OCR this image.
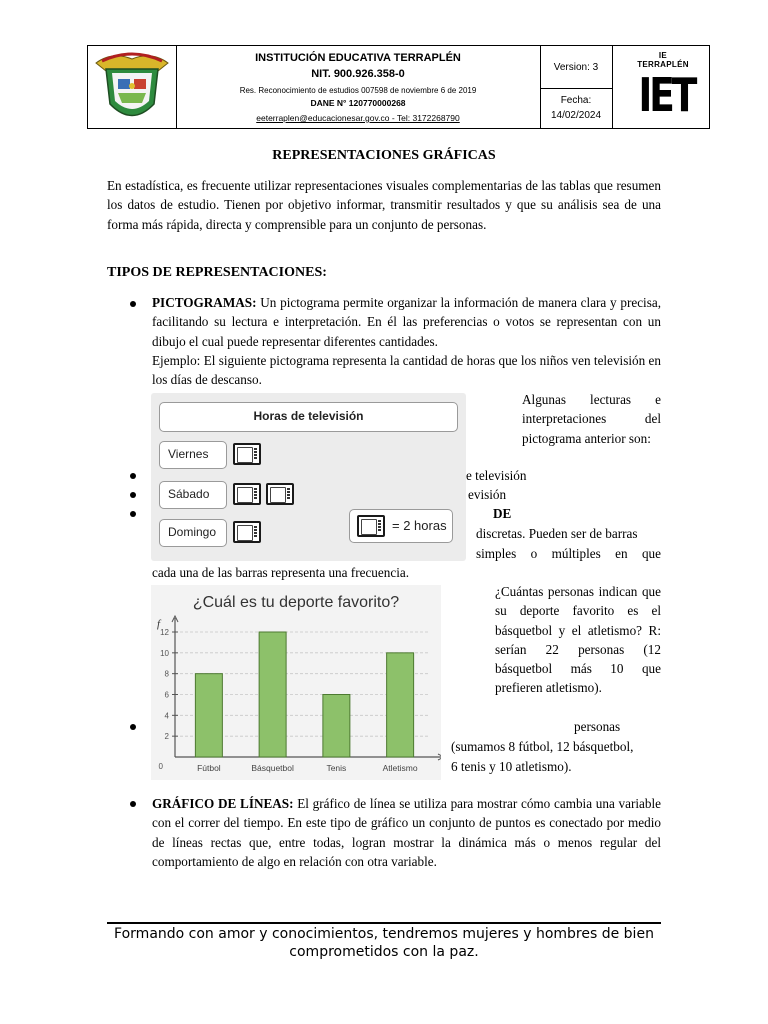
INSTITUCIÓN EDUCATIVA TERRAPLÉN
NIT. 900.926.358-0
Res. Reconocimiento de estudios 007598 de noviembre 6 de 2019
DANE N° 120770000268
eeterraplen@educacionesar.gov.co - Tel: 3172268790
Version: 3
Fecha:
14/02/2024
IE TERRAPLÉN
IET
REPRESENTACIONES GRÁFICAS
En estadística, es frecuente utilizar representaciones visuales complementarias de las tablas que resumen los datos de estudio. Tienen por objetivo informar, transmitir resultados y que su análisis sea de una forma más rápida, directa y comprensible para un conjunto de personas.
TIPOS DE REPRESENTACIONES:
PICTOGRAMAS: Un pictograma permite organizar la información de manera clara y precisa, facilitando su lectura e interpretación. En él las preferencias o votos se representan con un dibujo el cual puede representar diferentes cantidades.
Ejemplo: El siguiente pictograma representa la cantidad de horas que los niños ven televisión en los días de descanso.
Algunas lecturas e interpretaciones del pictograma anterior son:
Horas de televisión
Viernes
Sábado
Domingo	= 2 horas
e televisión
evisión
DE
discretas. Pueden ser de barras
simples o múltiples en que
cada una de las barras representa una frecuencia.
¿Cuál es tu deporte favorito?
f
0
2
4
6
8
10
12
Fútbol	Básquetbol	Tenis	Atletismo
¿Cuántas personas indican que su deporte favorito es el básquetbol y el atletismo? R: serían 22 personas (12 básquetbol más 10 que prefieren atletismo).
personas
(sumamos 8 fútbol, 12 básquetbol,
6 tenis y 10 atletismo).
GRÁFICO DE LÍNEAS: El gráfico de línea se utiliza para mostrar cómo cambia una variable con el correr del tiempo. En este tipo de gráfico un conjunto de puntos es conectado por medio de líneas rectas que, entre todas, logran mostrar la dinámica más o menos regular del comportamiento de algo en relación con otra variable.
Formando con amor y conocimientos, tendremos mujeres y hombres de bien comprometidos con la paz.
